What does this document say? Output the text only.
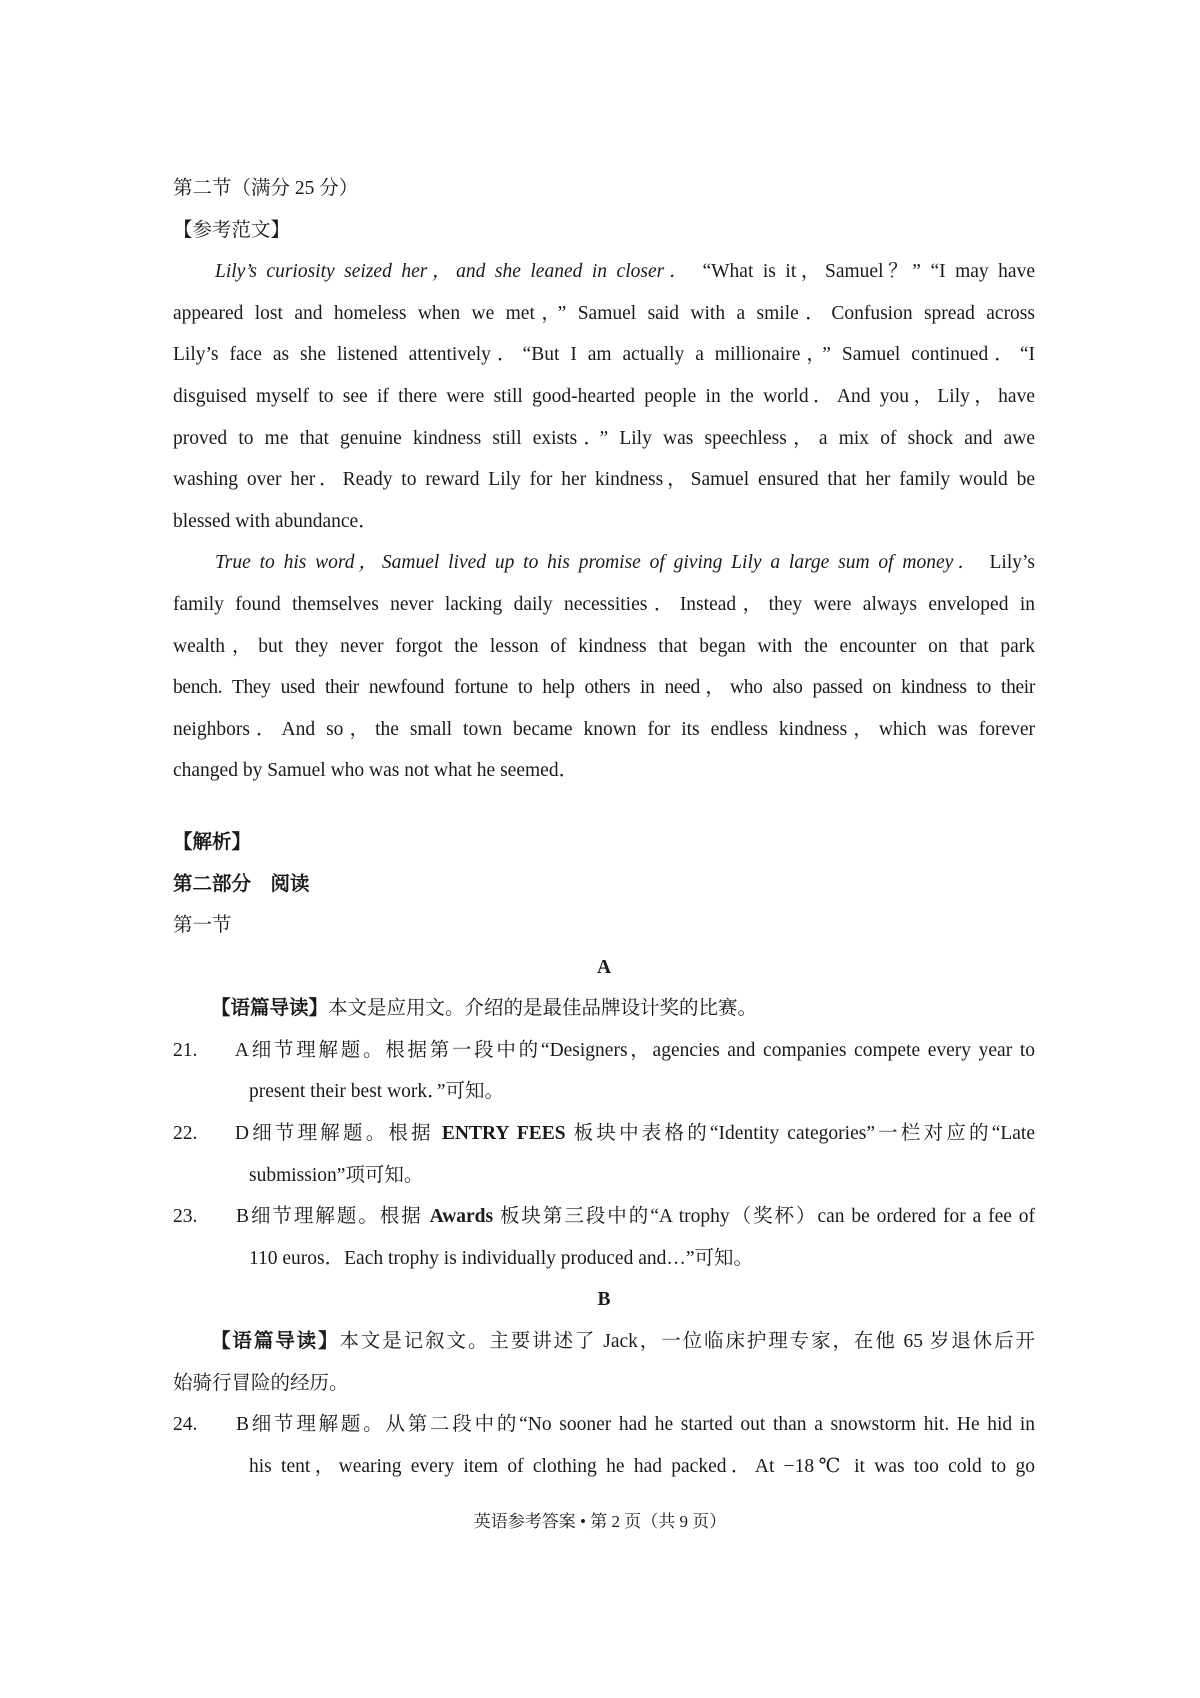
第二节（满分 25 分）
【参考范文】
Lily’s curiosity seized her，and she leaned in closer． “What is it，Samuel？” “I may have
appeared lost and homeless when we met，” Samuel said with a smile．Confusion spread across
Lily’s face as she listened attentively．“But I am actually a millionaire，” Samuel continued．“I
disguised myself to see if there were still good-hearted people in the world．And you，Lily，have
proved to me that genuine kindness still exists．” Lily was speechless，a mix of shock and awe
washing over her．Ready to reward Lily for her kindness，Samuel ensured that her family would be
blessed with abundance．
True to his word，Samuel lived up to his promise of giving Lily a large sum of money． Lily’s
family found themselves never lacking daily necessities．Instead，they were always enveloped in
wealth，but they never forgot the lesson of kindness that began with the encounter on that park
bench. They used their newfound fortune to help others in need，who also passed on kindness to their
neighbors．And so，the small town became known for its endless kindness，which was forever
changed by Samuel who was not what he seemed．
【解析】
第二部分　阅读
第一节
A
【语篇导读】本文是应用文。介绍的是最佳品牌设计奖的比赛。
21. A细节理解题。根据第一段中的“Designers，agencies and companies compete every year to
present their best work．”可知。
22. D细节理解题。根据 ENTRY FEES 板块中表格的“Identity categories”一栏对应的“Late
submission”项可知。
23. B细节理解题。根据 Awards 板块第三段中的“A trophy（奖杯）can be ordered for a fee of
110 euros．Each trophy is individually produced and…”可知。
B
【语篇导读】本文是记叙文。主要讲述了 Jack，一位临床护理专家，在他 65 岁退休后开
始骑行冒险的经历。
24. B细节理解题。从第二段中的“No sooner had he started out than a snowstorm hit. He hid in
his tent，wearing every item of clothing he had packed．At −18℃ it was too cold to go
英语参考答案 • 第 2 页（共 9 页）
